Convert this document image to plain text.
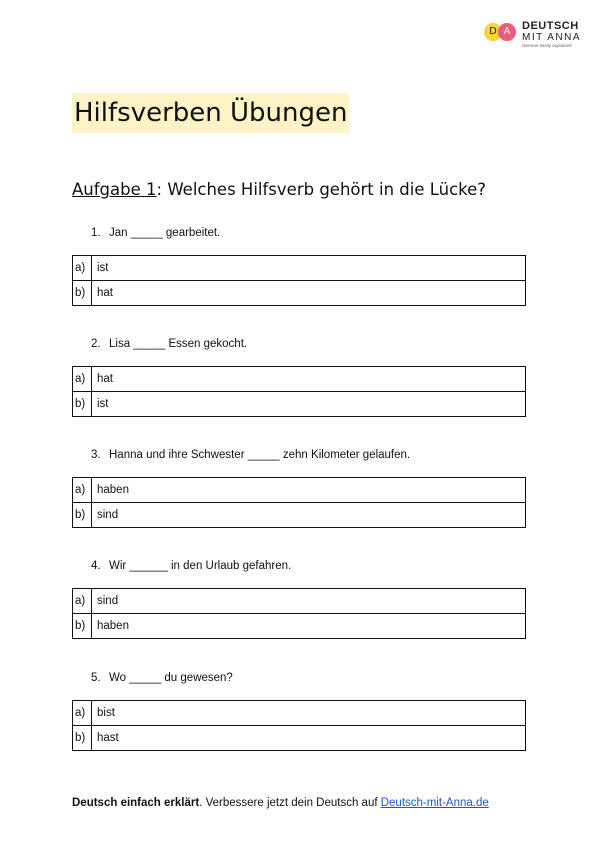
D A	DEUTSCH
MIT ANNA
German easily explained
Hilfsverben Übungen
Aufgabe 1: Welches Hilfsverb gehört in die Lücke?
1. Jan _____ gearbeitet.
a)	ist
b)	hat
2. Lisa _____ Essen gekocht.
a)	hat
b)	ist
3. Hanna und ihre Schwester _____ zehn Kilometer gelaufen.
a)	haben
b)	sind
4. Wir ______ in den Urlaub gefahren.
a)	sind
b)	haben
5. Wo _____ du gewesen?
a)	bist
b)	hast
Deutsch einfach erklärt. Verbessere jetzt dein Deutsch auf Deutsch-mit-Anna.de
